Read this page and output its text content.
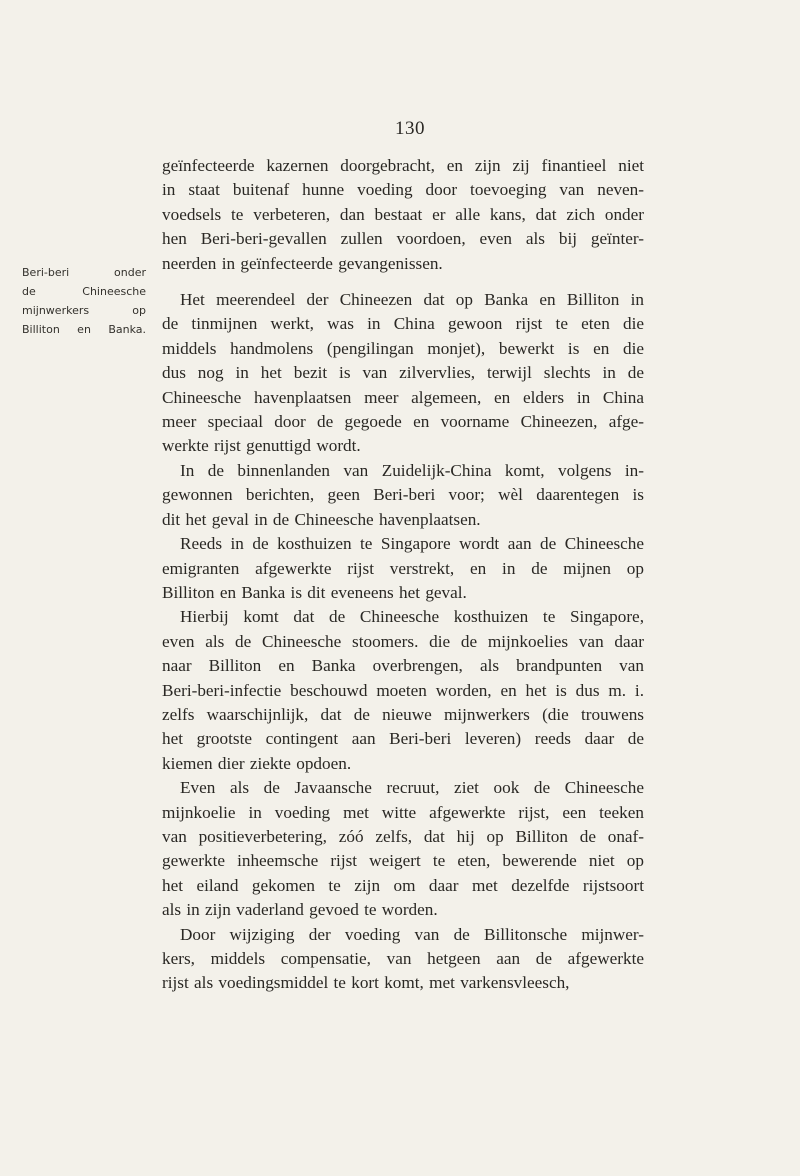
130
Beri-beri onder
de Chineesche
mijnwerkers op
Billiton en Banka.
geïnfecteerde kazernen doorgebracht, en zijn zij finantieel niet
in staat buitenaf hunne voeding door toevoeging van neven-
voedsels te verbeteren, dan bestaat er alle kans, dat zich onder
hen Beri-beri-gevallen zullen voordoen, even als bij geïnter-
neerden in geïnfecteerde gevangenissen.
Het meerendeel der Chineezen dat op Banka en Billiton in
de tinmijnen werkt, was in China gewoon rijst te eten die
middels handmolens (pengilingan monjet), bewerkt is en die
dus nog in het bezit is van zilvervlies, terwijl slechts in de
Chineesche havenplaatsen meer algemeen, en elders in China
meer speciaal door de gegoede en voorname Chineezen, afge-
werkte rijst genuttigd wordt.
In de binnenlanden van Zuidelijk-China komt, volgens in-
gewonnen berichten, geen Beri-beri voor; wèl daarentegen is
dit het geval in de Chineesche havenplaatsen.
Reeds in de kosthuizen te Singapore wordt aan de Chineesche
emigranten afgewerkte rijst verstrekt, en in de mijnen op
Billiton en Banka is dit eveneens het geval.
Hierbij komt dat de Chineesche kosthuizen te Singapore,
even als de Chineesche stoomers. die de mijnkoelies van daar
naar Billiton en Banka overbrengen, als brandpunten van
Beri-beri-infectie beschouwd moeten worden, en het is dus m. i.
zelfs waarschijnlijk, dat de nieuwe mijnwerkers (die trouwens
het grootste contingent aan Beri-beri leveren) reeds daar de
kiemen dier ziekte opdoen.
Even als de Javaansche recruut, ziet ook de Chineesche
mijnkoelie in voeding met witte afgewerkte rijst, een teeken
van positieverbetering, zóó zelfs, dat hij op Billiton de onaf-
gewerkte inheemsche rijst weigert te eten, bewerende niet op
het eiland gekomen te zijn om daar met dezelfde rijstsoort
als in zijn vaderland gevoed te worden.
Door wijziging der voeding van de Billitonsche mijnwer-
kers, middels compensatie, van hetgeen aan de afgewerkte
rijst als voedingsmiddel te kort komt, met varkensvleesch,
